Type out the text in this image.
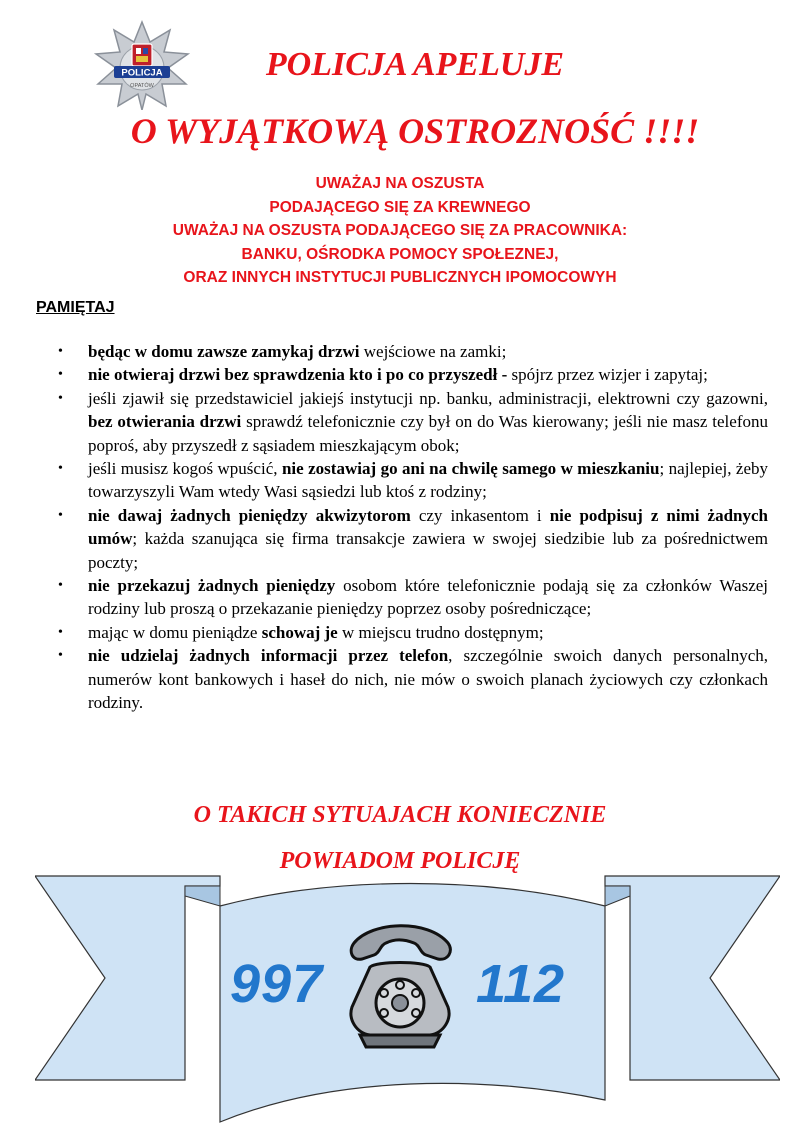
POLICJA
OPATÓW
POLICJA APELUJE
O WYJĄTKOWĄ OSTROZNOŚĆ !!!!
UWAŻAJ NA OSZUSTA
PODAJĄCEGO SIĘ ZA KREWNEGO
UWAŻAJ NA OSZUSTA PODAJĄCEGO SIĘ ZA PRACOWNIKA:
BANKU, OŚRODKA POMOCY SPOŁEZNEJ,
ORAZ INNYCH INSTYTUCJI PUBLICZNYCH IPOMOCOWYH
PAMIĘTAJ
• będąc w domu zawsze zamykaj drzwi wejściowe na zamki;
• nie otwieraj drzwi bez sprawdzenia kto i po co przyszedł - spójrz przez wizjer i zapytaj;
• jeśli zjawił się przedstawiciel jakiejś instytucji np. banku, administracji, elektrowni czy gazowni, bez otwierania drzwi sprawdź telefonicznie czy był on do Was kierowany; jeśli nie masz telefonu poproś, aby przyszedł z sąsiadem mieszkającym obok;
• jeśli musisz kogoś wpuścić, nie zostawiaj go ani na chwilę samego w mieszkaniu; najlepiej, żeby towarzyszyli Wam wtedy Wasi sąsiedzi lub ktoś z rodziny;
• nie dawaj żadnych pieniędzy akwizytorom czy inkasentom i nie podpisuj z nimi żadnych umów; każda szanująca się firma transakcje zawiera w swojej siedzibie lub za pośrednictwem poczty;
• nie przekazuj żadnych pieniędzy osobom które telefonicznie podają się za członków Waszej rodziny lub proszą o przekazanie pieniędzy poprzez osoby pośredniczące;
• mając w domu pieniądze schowaj je w miejscu trudno dostępnym;
• nie udzielaj żadnych informacji przez telefon, szczególnie swoich danych personalnych, numerów kont bankowych i haseł do nich, nie mów o swoich planach życiowych czy członkach rodziny.
O TAKICH SYTUAJACH KONIECZNIE
POWIADOM POLICJĘ
997	112
